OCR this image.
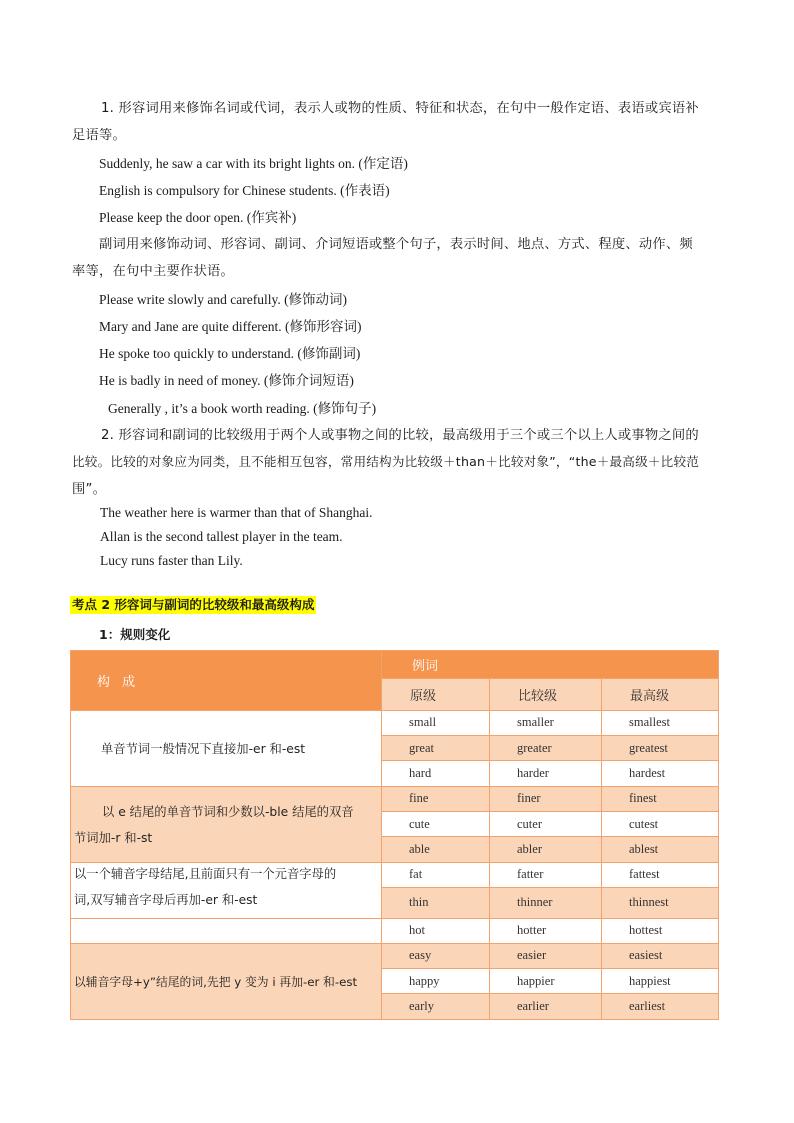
1. 形容词用来修饰名词或代词，表示人或物的性质、特征和状态，在句中一般作定语、表语或宾语补
足语等。
Suddenly, he saw a car with its bright lights on. (作定语)
English is compulsory for Chinese students. (作表语)
Please keep the door open. (作宾补)
副词用来修饰动词、形容词、副词、介词短语或整个句子，表示时间、地点、方式、程度、动作、频
率等，在句中主要作状语。
Please write slowly and carefully. (修饰动词)
Mary and Jane are quite different. (修饰形容词)
He spoke too quickly to understand. (修饰副词)
He is badly in need of money. (修饰介词短语)
Generally , it’s a book worth reading. (修饰句子)
2. 形容词和副词的比较级用于两个人或事物之间的比较，最高级用于三个或三个以上人或事物之间的
比较。比较的对象应为同类，且不能相互包容，常用结构为比较级＋than＋比较对象”，“the＋最高级＋比较范
围”。
The weather here is warmer than that of Shanghai.
Allan is the second tallest player in the team.
Lucy runs faster than Lily.
考点 2 形容词与副词的比较级和最高级构成
1：规则变化
构 成	例词		
	原级	比较级	最高级

单音节词一般情况下直接加-er 和-est	small	smaller	smallest
	great	greater	greatest
	hard	harder	hardest

以 e 结尾的单音节词和少数以-ble 结尾的双音
节词加-r 和-st	fine	finer	finest
	cute	cuter	cutest
	able	abler	ablest

以一个辅音字母结尾,且前面只有一个元音字母的
词,双写辅音字母后再加-er 和-est	fat	fatter	fattest
	thin	thinner	thinnest
	hot	hotter	hottest

以辅音字母+y”结尾的词,先把 y 变为 i 再加-er 和-est	easy	easier	easiest
	happy	happier	happiest
	early	earlier	earliest
